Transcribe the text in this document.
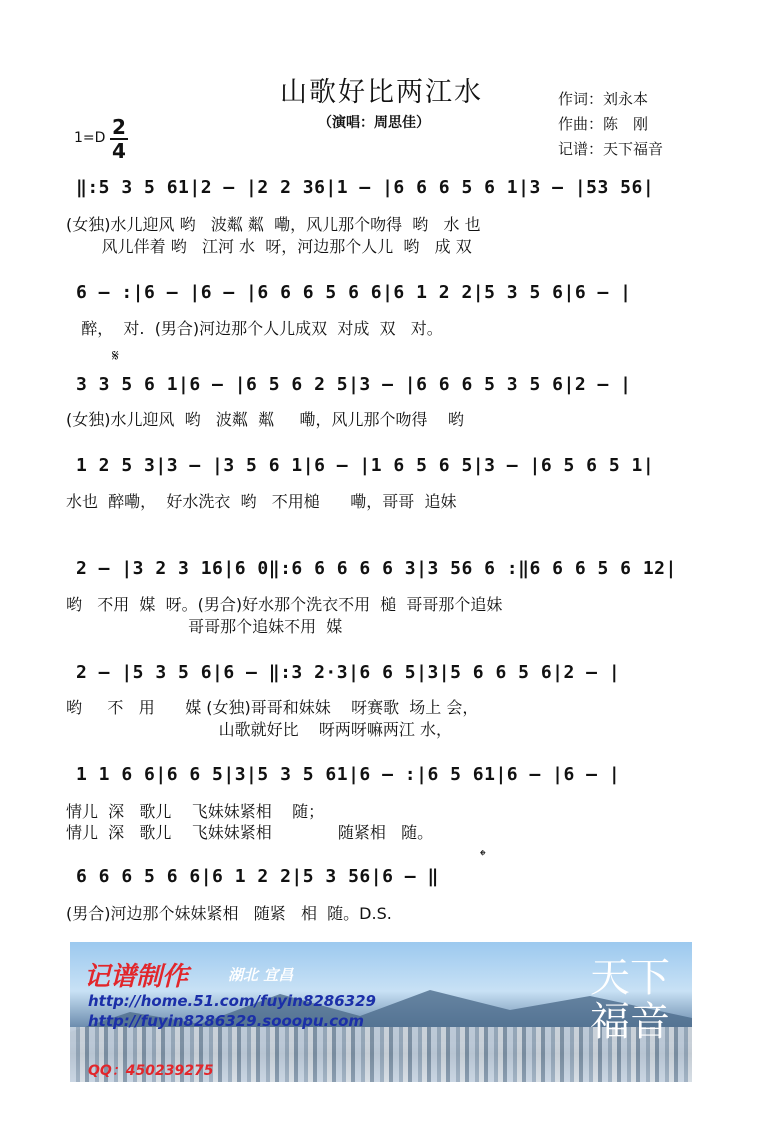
山歌好比两江水
（演唱：周思佳）
作词：刘永本
作曲：陈　刚
记谱：天下福音
1=D 2
4
𝄋
𝄌
‖:5 3 5 61|2 – |2 2 36|1 – |6 6 6 5 6 1|3 – |53 56|
(女独)水儿迎风 哟   波粼 粼  嘞，风儿那个吻得  哟   水 也
风儿伴着 哟   江河 水  呀，河边那个人儿  哟   成 双
6 – :|6 – |6 – |6 6 6 5 6 6|6 1 2 2|5 3 5 6|6 – |
醉，  对.  (男合)河边那个人儿成双  对成  双   对。
3 3 5 6 1|6 – |6 5 6 2 5|3 – |6 6 6 5 3 5 6|2 – |
(女独)水儿迎风  哟   波粼  粼     嘞，风儿那个吻得    哟
1 2 5 3|3 – |3 5 6 1|6 – |1 6 5 6 5|3 – |6 5 6 5 1|
水也  醉嘞，  好水洗衣  哟   不用槌      嘞，哥哥  追妹
2 – |3 2 3 16|6 0‖:6 6 6 6 6 3|3 56 6 :‖6 6 6 5 6 12|
哟   不用  媒  呀。(男合)好水那个洗衣不用  槌  哥哥那个追妹
哥哥那个追妹不用  媒
2 – |5 3 5 6|6 – ‖:3 2·3|6 6 5|3|5 6 6 5 6|2 – |
哟     不   用      媒 (女独)哥哥和妹妹    呀赛歌  场上 会，
山歌就好比    呀两呀嘛两江 水，
1 1 6 6|6 6 5|3|5 3 5 61|6 – :|6 5 61|6 – |6 – |
情儿  深   歌儿    飞妹妹紧相    随；
情儿  深   歌儿    飞妹妹紧相             随紧相   随。
6 6 6 5 6 6|6 1 2 2|5 3 56|6 – ‖
(男合)河边那个妹妹紧相   随紧   相  随。D.S.
记谱制作	湖北 宜昌
http://home.51.com/fuyin8286329
http://fuyin8286329.sooopu.com
QQ：450239275
天下
福音
